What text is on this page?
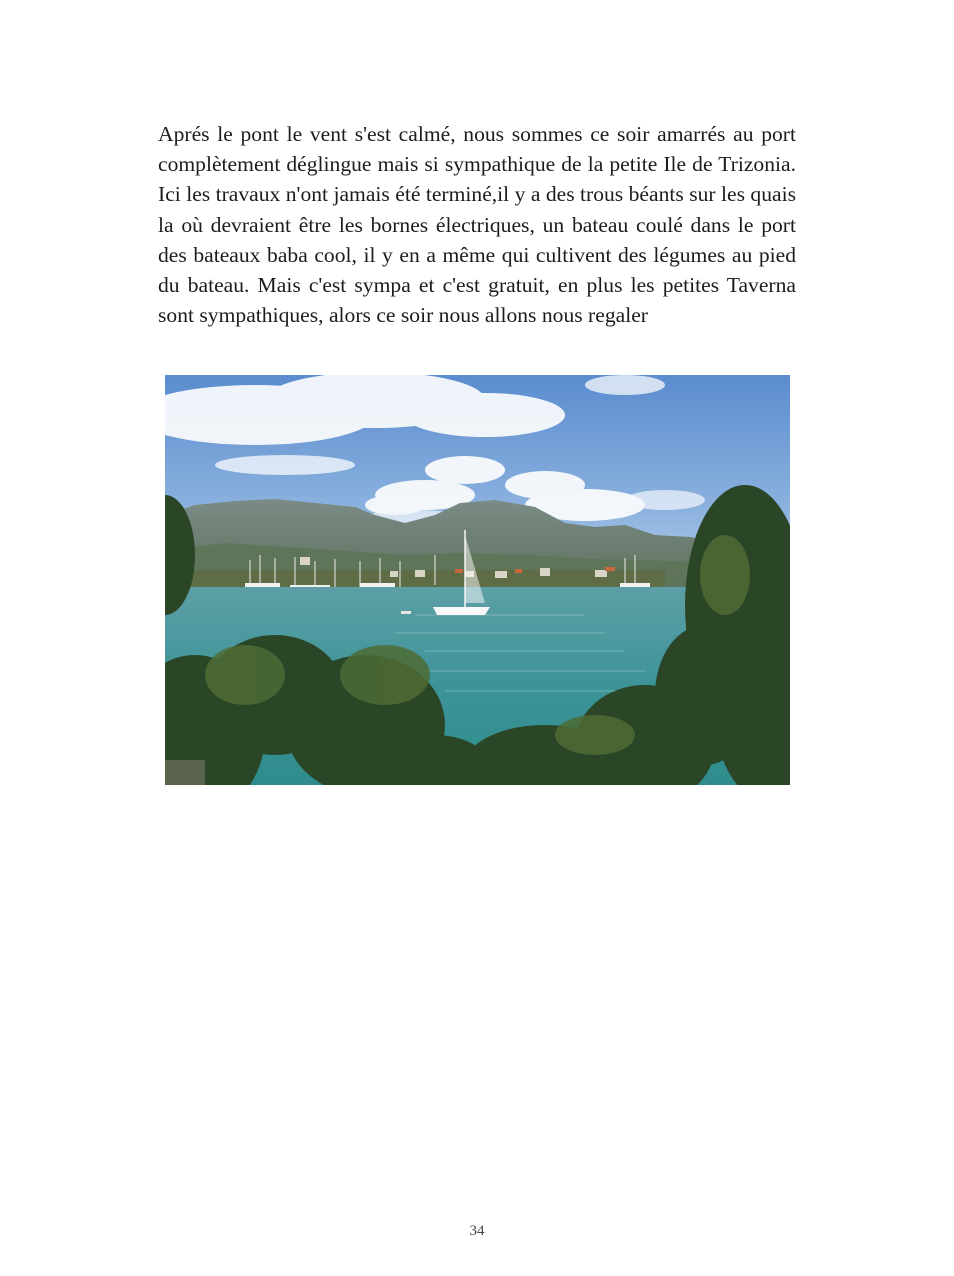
Aprés le pont le vent s'est calmé, nous sommes ce soir amarrés au port complètement déglingue mais si sympathique de la petite Ile de Trizonia. Ici les travaux n'ont jamais été terminé,il y a des trous béants sur les quais la où devraient être les bornes électriques, un bateau coulé dans le port des bateaux baba cool, il y en a même qui cultivent des légumes au pied du bateau. Mais c'est sympa et c'est gratuit, en plus les petites Taverna sont sympathiques, alors ce soir nous allons nous regaler

34
